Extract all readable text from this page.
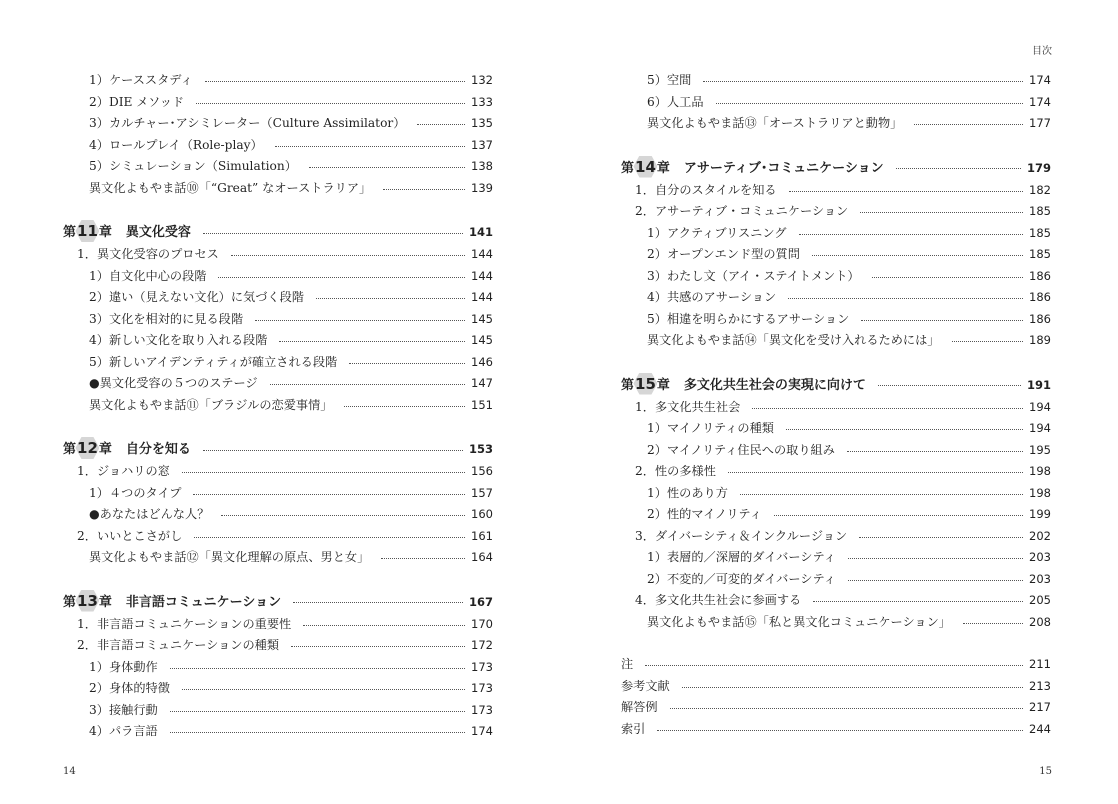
1）ケーススタディ	132
2）DIE メソッド	133
3）カルチャー･アシミレーター（Culture Assimilator）	135
4）ロールプレイ（Role-play）	137
5）シミュレーション（Simulation）	138
異文化よもやま話⑩「“Great” なオーストラリア」	139
第11章 異文化受容	141
1．異文化受容のプロセス	144
1）自文化中心の段階	144
2）違い（見えない文化）に気づく段階	144
3）文化を相対的に見る段階	145
4）新しい文化を取り入れる段階	145
5）新しいアイデンティティが確立される段階	146
●異文化受容の５つのステージ	147
異文化よもやま話⑪「ブラジルの恋愛事情」	151
第12章 自分を知る	153
1．ジョハリの窓	156
1）４つのタイプ	157
●あなたはどんな人？	160
2．いいとこさがし	161
異文化よもやま話⑫「異文化理解の原点、男と女」	164
第13章 非言語コミュニケーション	167
1．非言語コミュニケーションの重要性	170
2．非言語コミュニケーションの種類	172
1）身体動作	173
2）身体的特徴	173
3）接触行動	173
4）パラ言語	174
14
目次
5）空間	174
6）人工品	174
異文化よもやま話⑬「オーストラリアと動物」	177
第14章 アサーティブ･コミュニケーション	179
1．自分のスタイルを知る	182
2．アサーティブ・コミュニケーション	185
1）アクティブリスニング	185
2）オープンエンド型の質問	185
3）わたし文（アイ・ステイトメント）	186
4）共感のアサーション	186
5）相違を明らかにするアサーション	186
異文化よもやま話⑭「異文化を受け入れるためには」	189
第15章 多文化共生社会の実現に向けて	191
1．多文化共生社会	194
1）マイノリティの種類	194
2）マイノリティ住民への取り組み	195
2．性の多様性	198
1）性のあり方	198
2）性的マイノリティ	199
3．ダイバーシティ＆インクルージョン	202
1）表層的／深層的ダイバーシティ	203
2）不変的／可変的ダイバーシティ	203
4．多文化共生社会に参画する	205
異文化よもやま話⑮「私と異文化コミュニケーション」	208
注	211
参考文献	213
解答例	217
索引	244
15
